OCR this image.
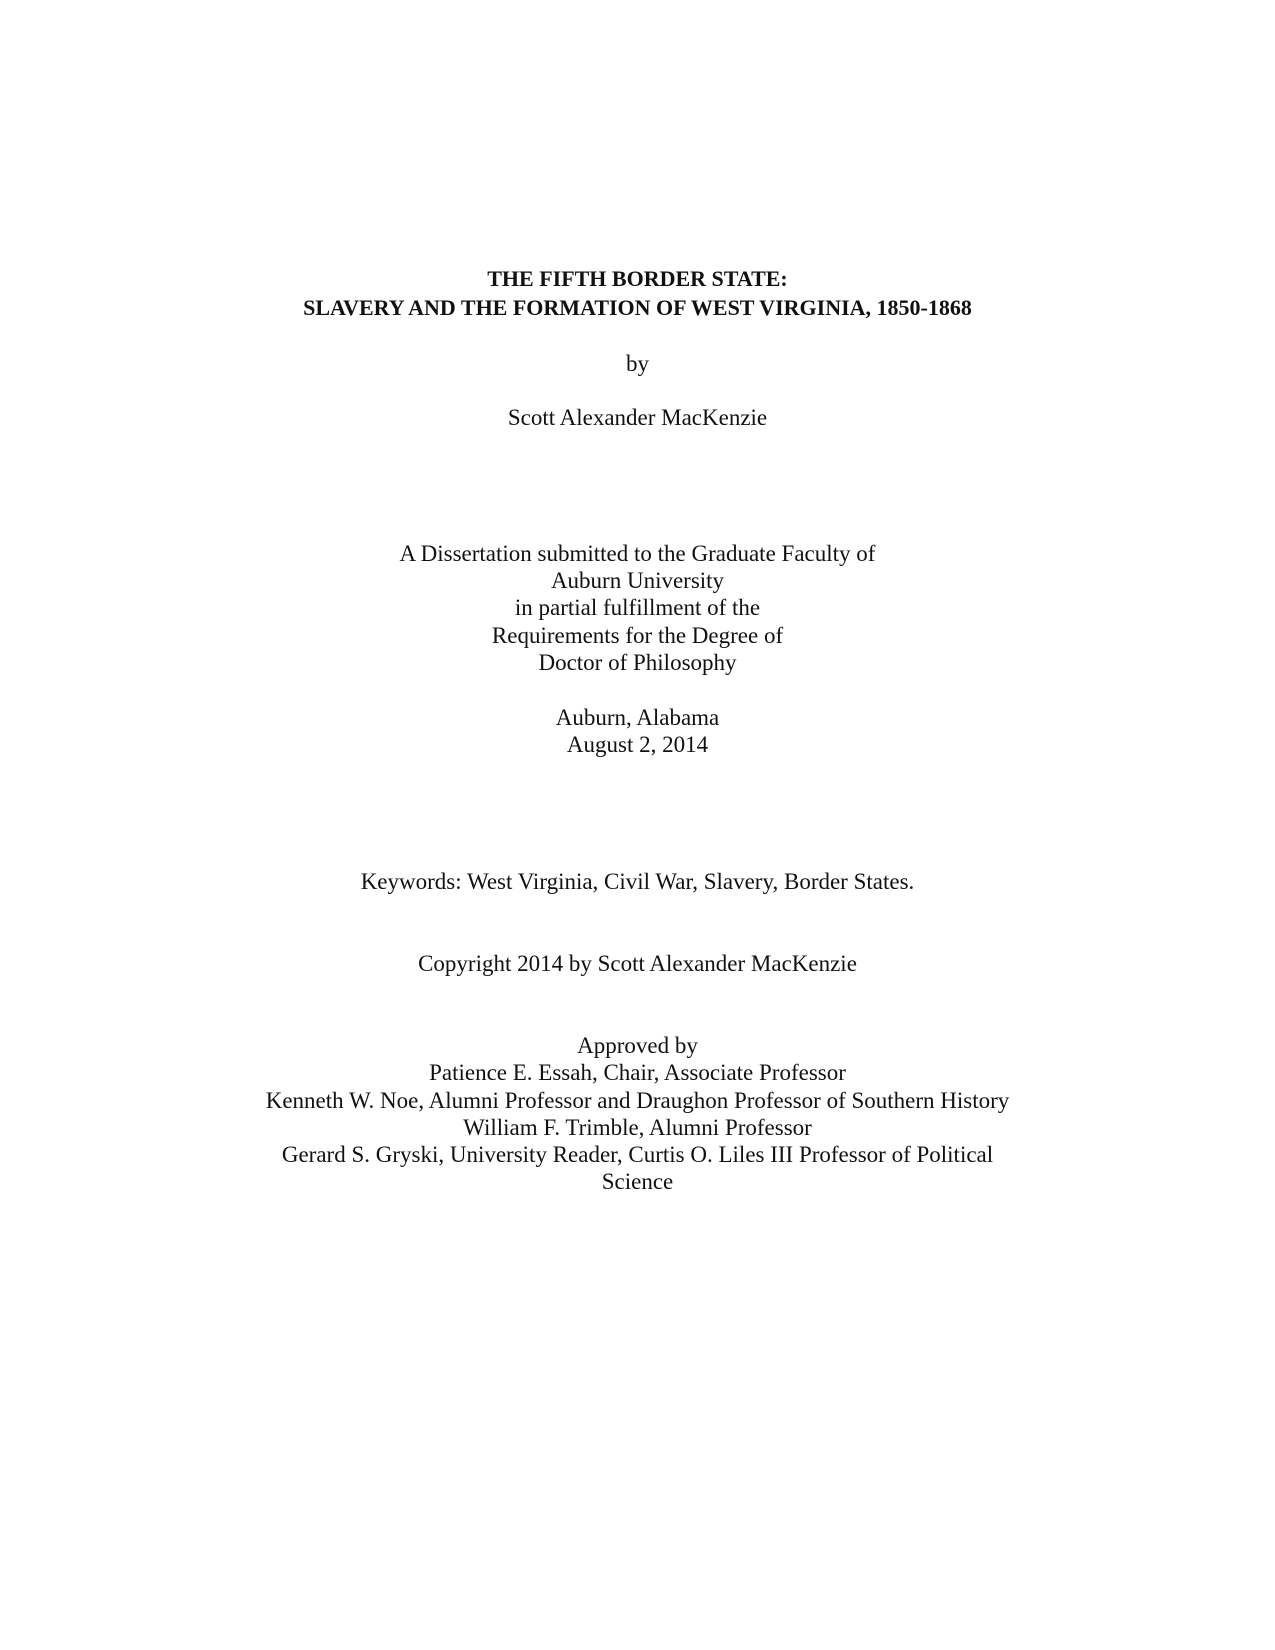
THE FIFTH BORDER STATE:
SLAVERY AND THE FORMATION OF WEST VIRGINIA, 1850-1868
by
Scott Alexander MacKenzie
A Dissertation submitted to the Graduate Faculty of
Auburn University
in partial fulfillment of the
Requirements for the Degree of
Doctor of Philosophy
Auburn, Alabama
August 2, 2014
Keywords: West Virginia, Civil War, Slavery, Border States.
Copyright 2014 by Scott Alexander MacKenzie
Approved by
Patience E. Essah, Chair, Associate Professor
Kenneth W. Noe, Alumni Professor and Draughon Professor of Southern History
William F. Trimble, Alumni Professor
Gerard S. Gryski, University Reader, Curtis O. Liles III Professor of Political
Science
